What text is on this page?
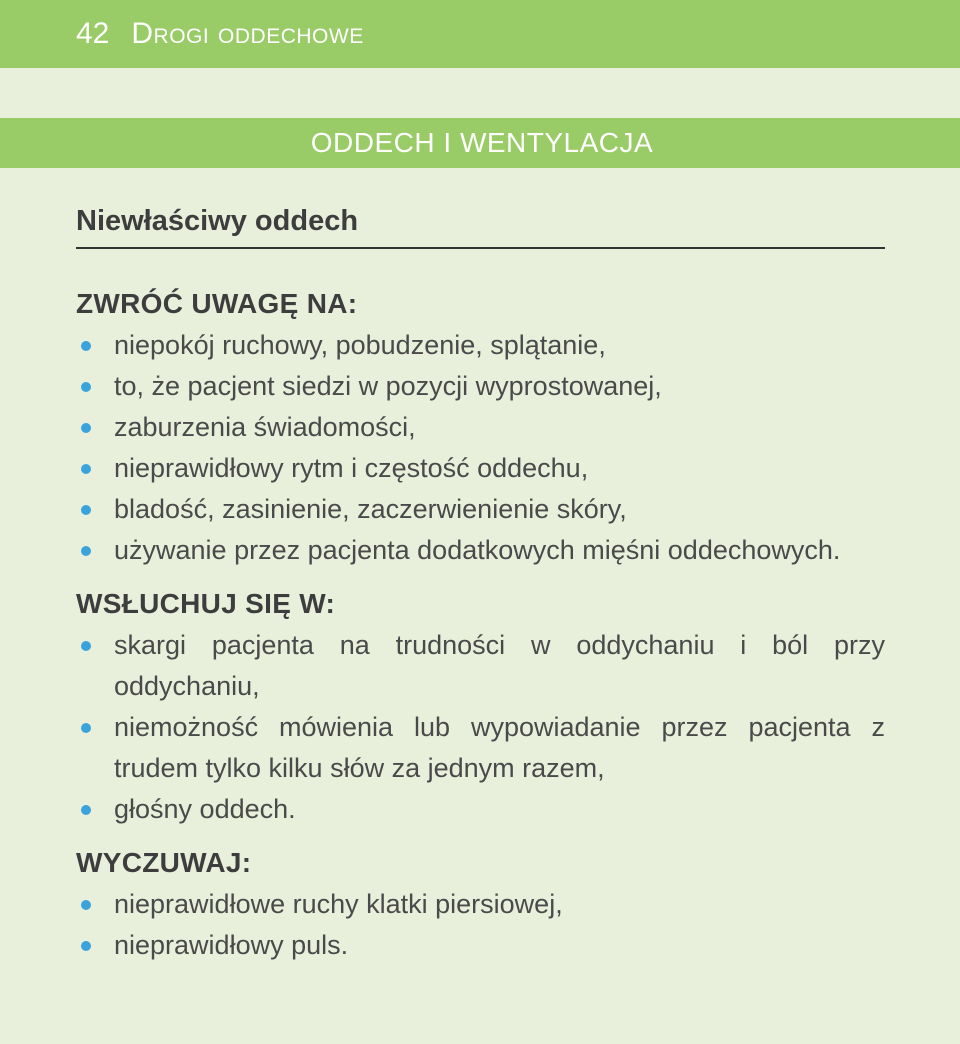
42 Drogi oddechowe
ODDECH I WENTYLACJA
Niewłaściwy oddech
ZWRÓĆ UWAGĘ NA:
niepokój ruchowy, pobudzenie, splątanie,
to, że pacjent siedzi w pozycji wyprostowanej,
zaburzenia świadomości,
nieprawidłowy rytm i częstość oddechu,
bladość, zasinienie, zaczerwienienie skóry,
używanie przez pacjenta dodatkowych mięśni oddechowych.
WSŁUCHUJ SIĘ W:
skargi pacjenta na trudności w oddychaniu i ból przy oddychaniu,
niemożność mówienia lub wypowiadanie przez pacjenta z trudem tylko kilku słów za jednym razem,
głośny oddech.
WYCZUWAJ:
nieprawidłowe ruchy klatki piersiowej,
nieprawidłowy puls.
